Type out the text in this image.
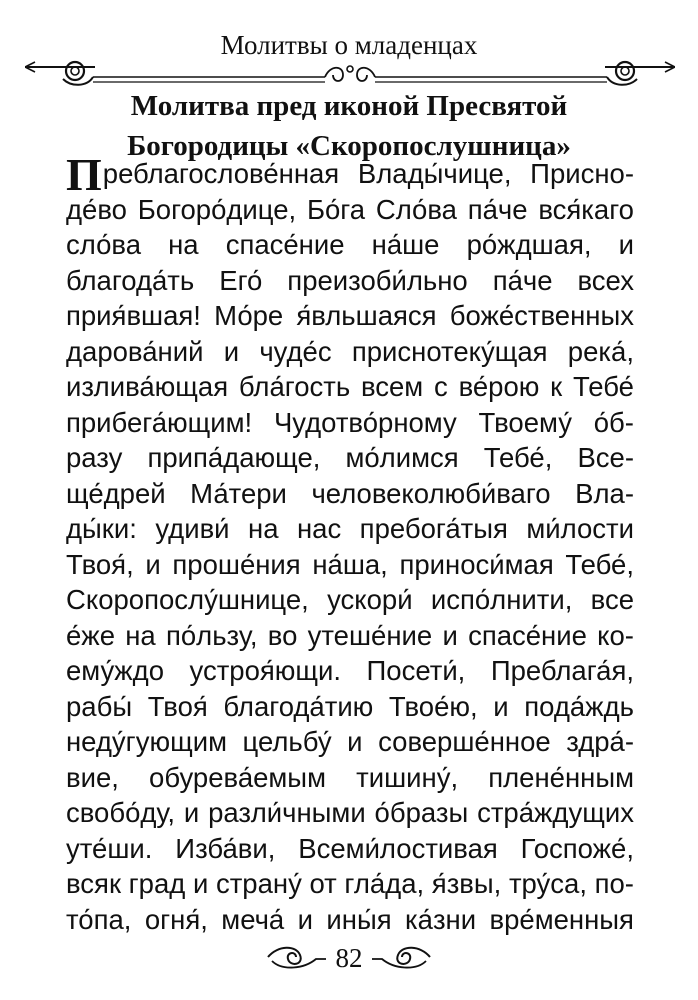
Молитвы о младенцах
Молитва пред иконой Пресвятой
Богородицы «Скоропослушница»
Преблагослове́нная Влады́чице, Присно-
де́во Богоро́дице, Бо́га Сло́ва па́че вся́каго
сло́ва на спасе́ние на́ше ро́ждшая, и
благода́ть Его́ преизоби́льно па́че всех
прия́вшая! Мо́ре я́вльшаяся боже́ственных
дарова́ний и чуде́с приснотеку́щая река́,
излива́ющая бла́гость всем с ве́рою к Тебе́
прибега́ющим! Чудотво́рному Твоему́ о́б-
разу припа́дающе, мо́лимся Тебе́, Все-
ще́дрей Ма́тери человеколюби́ваго Вла-
ды́ки: удиви́ на нас пребога́тыя ми́лости
Твоя́, и проше́ния на́ша, приноси́мая Тебе́,
Скоропослу́шнице, ускори́ испо́лнити, все
е́же на по́льзу, во утеше́ние и спасе́ние ко-
ему́ждо устроя́ющи. Посети́, Преблага́я,
рабы́ Твоя́ благода́тию Твое́ю, и пода́ждь
неду́гующим цельбу́ и соверше́нное здра́-
вие, обурева́емым тишину́, плене́нным
свобо́ду, и разли́чными о́бразы стра́ждущих
уте́ши. Изба́ви, Всеми́лостивая Госпоже́,
всяк град и страну́ от гла́да, я́звы, тру́са, по-
то́па, огня́, меча́ и ины́я ка́зни вре́менныя
82
